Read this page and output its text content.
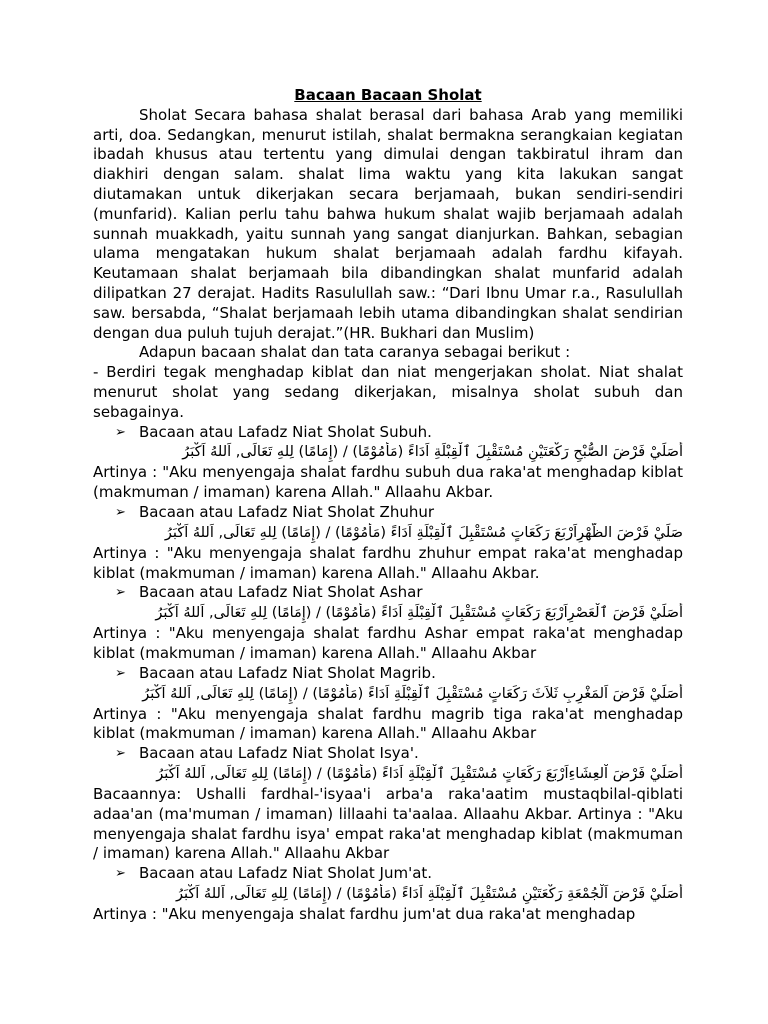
Bacaan Bacaan Sholat

Sholat Secara bahasa shalat berasal dari bahasa Arab yang memiliki arti, doa. Sedangkan, menurut istilah, shalat bermakna serangkaian kegiatan ibadah khusus atau tertentu yang dimulai dengan takbiratul ihram dan diakhiri dengan salam. shalat lima waktu yang kita lakukan sangat diutamakan untuk dikerjakan secara berjamaah, bukan sendiri-sendiri (munfarid). Kalian perlu tahu bahwa hukum shalat wajib berjamaah adalah sunnah muakkadh, yaitu sunnah yang sangat dianjurkan. Bahkan, sebagian ulama mengatakan hukum shalat berjamaah adalah fardhu kifayah. Keutamaan shalat berjamaah bila dibandingkan shalat munfarid adalah dilipatkan 27 derajat. Hadits Rasulullah saw.: “Dari Ibnu Umar r.a., Rasulullah saw. bersabda, “Shalat berjamaah lebih utama dibandingkan shalat sendirian dengan dua puluh tujuh derajat.”(HR. Bukhari dan Muslim)

Adapun bacaan shalat dan tata caranya sebagai berikut :

- Berdiri tegak menghadap kiblat dan niat mengerjakan sholat. Niat shalat menurut sholat yang sedang dikerjakan, misalnya sholat subuh dan sebagainya.

➢ Bacaan atau Lafadz Niat Sholat Subuh.

أُصَلِّيْ فَرْضَ الصُّبْحِ رَكْعَتَيْنِ مُسْتَقْبِلَ ٱلْقِبْلَةِ اَدَاءً (مَأْمُوْمًا) / (إِمَامًا) لِلهِ تَعَالَى, اَللهُ اَكْبَرُ

Artinya : "Aku menyengaja shalat fardhu subuh dua raka'at menghadap kiblat (makmuman / imaman) karena Allah." Allaahu Akbar.

➢ Bacaan atau Lafadz Niat Sholat Zhuhur

صَلِّيْ فَرْضَ الظُّهْرِاَرْبَعَ رَكَعَاتٍ مُسْتَقْبِلَ ٱلْقِبْلَةِ اَدَاءً (مَأْمُوْمًا) / (إِمَامًا) لِلهِ تَعَالَى, اَللهُ اَكْبَرُ

Artinya : "Aku menyengaja shalat fardhu zhuhur empat raka'at menghadap kiblat (makmuman / imaman) karena Allah." Allaahu Akbar.

➢ Bacaan atau Lafadz Niat Sholat Ashar

أُصَلِّيْ فَرْضَ ٱلْعَصْرِاَرْبَعَ رَكَعَاتٍ مُسْتَقْبِلَ ٱلْقِبْلَةِ اَدَاءً (مَأْمُوْمًا) / (إِمَامًا) لِلهِ تَعَالَى, اَللهُ اَكْبَرُ

Artinya : "Aku menyengaja shalat fardhu Ashar empat raka'at menghadap kiblat (makmuman / imaman) karena Allah." Allaahu Akbar

➢ Bacaan atau Lafadz Niat Sholat Magrib.

أُصَلِّيْ فَرْضَ اَلمَغْرِبِ ثَلاَثَ رَكَعَاتٍ مُسْتَقْبِلَ ٱلْقِبْلَةِ اَدَاءً (مَأْمُوْمًا) / (إِمَامًا) لِلهِ تَعَالَى, اَللهُ اَكْبَرُ

Artinya : "Aku menyengaja shalat fardhu magrib tiga raka'at menghadap kiblat (makmuman / imaman) karena Allah." Allaahu Akbar

➢ Bacaan atau Lafadz Niat Sholat Isya'.

أُصَلِّيْ فَرْضَ اْلعِشَاءِاَرْبَعَ رَكَعَاتٍ مُسْتَقْبِلَ ٱلْقِبْلَةِ اَدَاءً (مَأْمُوْمًا) / (إِمَامًا) لِلهِ تَعَالَى, اَللهُ اَكْبَرُ

Bacaannya: Ushalli fardhal-'isyaa'i arba'a raka'aatim mustaqbilal-qiblati adaa'an (ma'muman / imaman) lillaahi ta'aalaa. Allaahu Akbar. Artinya : "Aku menyengaja shalat fardhu isya' empat raka'at menghadap kiblat (makmuman / imaman) karena Allah." Allaahu Akbar

➢ Bacaan atau Lafadz Niat Sholat Jum'at.

أُصَلِّيْ فَرْضَ اَلْجُمْعَةِ رَكْعَتَيْنِ مُسْتَقْبِلَ ٱلْقِبْلَةِ اَدَاءً (مَأْمُوْمًا) / (إِمَامًا) لِلهِ تَعَالَى, اَللهُ اَكْبَرُ

Artinya : "Aku menyengaja shalat fardhu jum'at dua raka'at menghadap
